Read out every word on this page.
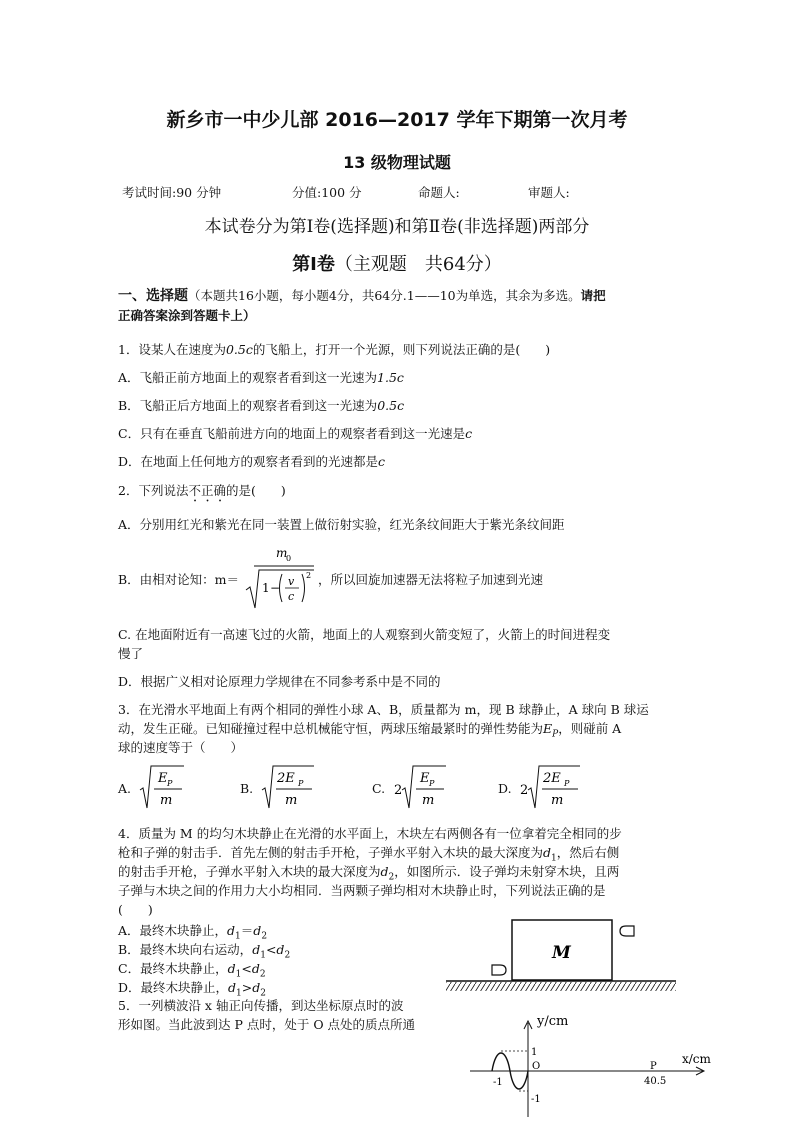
新乡市一中少儿部 2016—2017 学年下期第一次月考
13 级物理试题
考试时间:90 分钟	分值:100 分	命题人:	审题人:
本试卷分为第Ⅰ卷(选择题)和第Ⅱ卷(非选择题)两部分
第Ⅰ卷（主观题　共64分）
一、选择题（本题共16小题，每小题4分，共64分.1——10为单选，其余为多选。请把
正确答案涂到答题卡上）
1．设某人在速度为0.5c的飞船上，打开一个光源，则下列说法正确的是(　　)
A．飞船正前方地面上的观察者看到这一光速为1.5c
B．飞船正后方地面上的观察者看到这一光速为0.5c
C．只有在垂直飞船前进方向的地面上的观察者看到这一光速是c
D．在地面上任何地方的观察者看到的光速都是c
2．下列说法不正确的是(　　)
A．分别用红光和紫光在同一装置上做衍射实验，红光条纹间距大于紫光条纹间距
B．由相对论知：m＝
m
0
1 − v
c
2 ，所以回旋加速器无法将粒子加速到光速
C. 在地面附近有一高速飞过的火箭，地面上的人观察到火箭变短了，火箭上的时间进程变
慢了
D．根据广义相对论原理力学规律在不同参考系中是不同的
3．在光滑水平地面上有两个相同的弹性小球 A、B，质量都为 m，现 B 球静止，A 球向 B 球运
动，发生正碰。已知碰撞过程中总机械能守恒，两球压缩最紧时的弹性势能为$E_P$，则碰前 A
球的速度等于（　　）
A.
E P
m
B.
2E P
m
C. 2
E P
m
D. 2
2E P
m
4．质量为 M 的均匀木块静止在光滑的水平面上，木块左右两侧各有一位拿着完全相同的步
枪和子弹的射击手．首先左侧的射击手开枪，子弹水平射入木块的最大深度为$d_1$，然后右侧
的射击手开枪，子弹水平射入木块的最大深度为$d_2$，如图所示．设子弹均未射穿木块，且两
子弹与木块之间的作用力大小均相同．当两颗子弹均相对木块静止时，下列说法正确的是
(　　)
A．最终木块静止，$d_1=d_2$
B．最终木块向右运动，$d_1<d_2$
C．最终木块静止，$d_1<d_2$
D．最终木块静止，$d_1>d_2$
M
5．一列横波沿 x 轴正向传播，到达坐标原点时的波
形如图。当此波到达 P 点时，处于 O 点处的质点所通	y/cm
x/cm
1
-1
-1
O	P
40.5
